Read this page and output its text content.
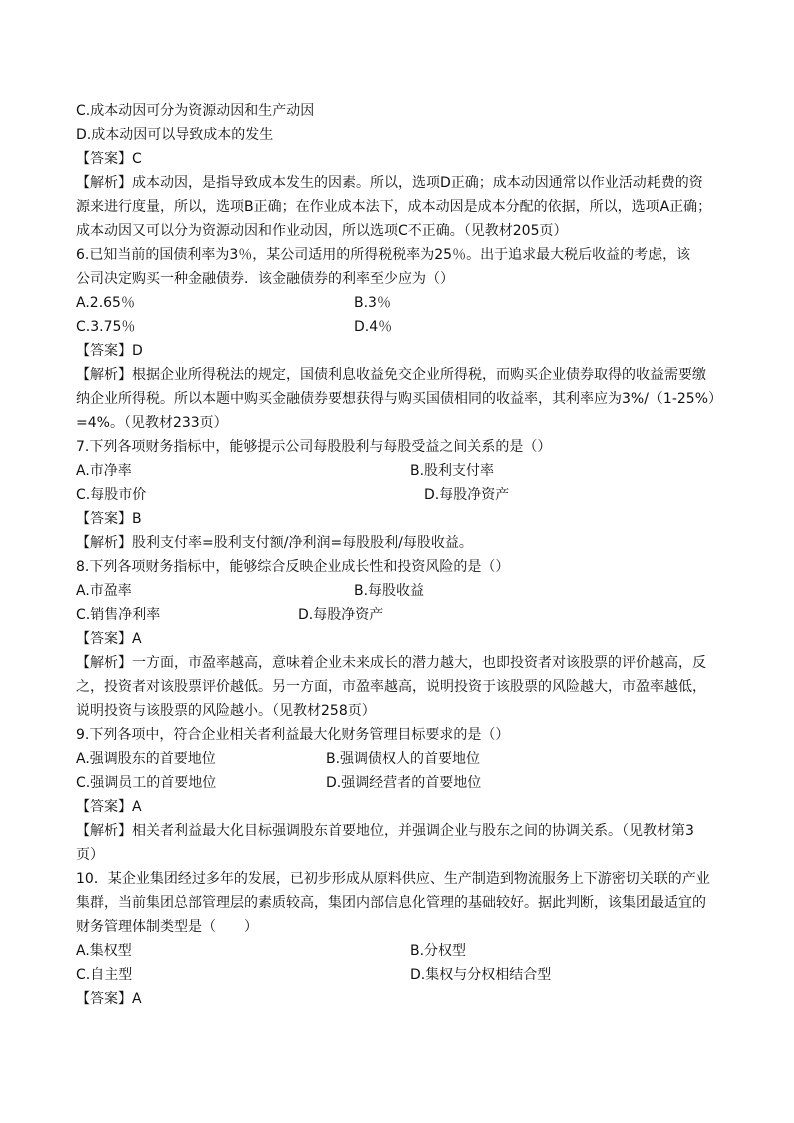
C.成本动因可分为资源动因和生产动因
D.成本动因可以导致成本的发生
【答案】C
【解析】成本动因，是指导致成本发生的因素。所以，选项D正确；成本动因通常以作业活动耗费的资
源来进行度量，所以，选项B正确；在作业成本法下，成本动因是成本分配的依据，所以，选项A正确；
成本动因又可以分为资源动因和作业动因，所以选项C不正确。（见教材205页）
6.已知当前的国债利率为3％，某公司适用的所得税税率为25％。出于追求最大税后收益的考虑，该
公司决定购买一种金融债券．该金融债券的利率至少应为（）
A.2.65％	B.3％
C.3.75％	D.4％
【答案】D
【解析】根据企业所得税法的规定，国债利息收益免交企业所得税，而购买企业债券取得的收益需要缴
纳企业所得税。所以本题中购买金融债券要想获得与购买国债相同的收益率，其利率应为3%/（1-25%）
=4%。（见教材233页）
7.下列各项财务指标中，能够提示公司每股股利与每股受益之间关系的是（）
A.市净率	B.股利支付率
C.每股市价	D.每股净资产
【答案】B
【解析】股利支付率=股利支付额/净利润=每股股利/每股收益。
8.下列各项财务指标中，能够综合反映企业成长性和投资风险的是（）
A.市盈率	B.每股收益
C.销售净利率	D.每股净资产
【答案】A
【解析】一方面，市盈率越高，意味着企业未来成长的潜力越大，也即投资者对该股票的评价越高，反
之，投资者对该股票评价越低。另一方面，市盈率越高，说明投资于该股票的风险越大，市盈率越低，
说明投资与该股票的风险越小。（见教材258页）
9.下列各项中，符合企业相关者利益最大化财务管理目标要求的是（）
A.强调股东的首要地位	B.强调债权人的首要地位
C.强调员工的首要地位	D.强调经营者的首要地位
【答案】A
【解析】相关者利益最大化目标强调股东首要地位，并强调企业与股东之间的协调关系。（见教材第3
页）
10．某企业集团经过多年的发展，已初步形成从原料供应、生产制造到物流服务上下游密切关联的产业
集群，当前集团总部管理层的素质较高，集团内部信息化管理的基础较好。据此判断，该集团最适宜的
财务管理体制类型是（　　）
A.集权型	B.分权型
C.自主型	D.集权与分权相结合型
【答案】A
